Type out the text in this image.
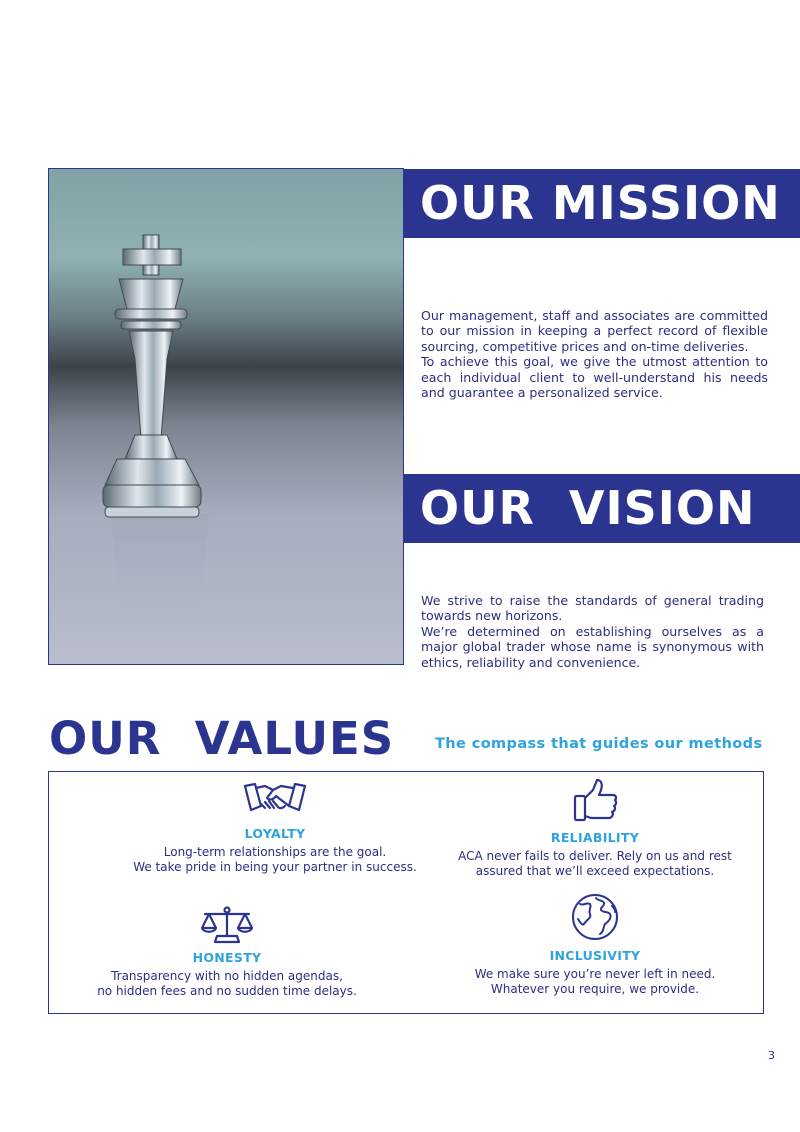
OUR MISSION

Our management, staff and associates are committed to our mission in keeping a perfect record of flexible sourcing, competitive prices and on-time deliveries.

To achieve this goal, we give the utmost attention to each individual client to well-understand his needs and guarantee a personalized service.

OUR  VISION

We strive to raise the standards of general trading towards new horizons.

We’re determined on establishing ourselves as a major global trader whose name is synonymous with ethics, reliability and convenience.

OUR  VALUES	The compass that guides our methods
LOYALTY
Long-term relationships are the goal.
We take pride in being your partner in success.
RELIABILITY
ACA never fails to deliver. Rely on us and rest
assured that we’ll exceed expectations.
HONESTY
Transparency with no hidden agendas,
no hidden fees and no sudden time delays.
INCLUSIVITY
We make sure you’re never left in need.
Whatever you require, we provide.
3
